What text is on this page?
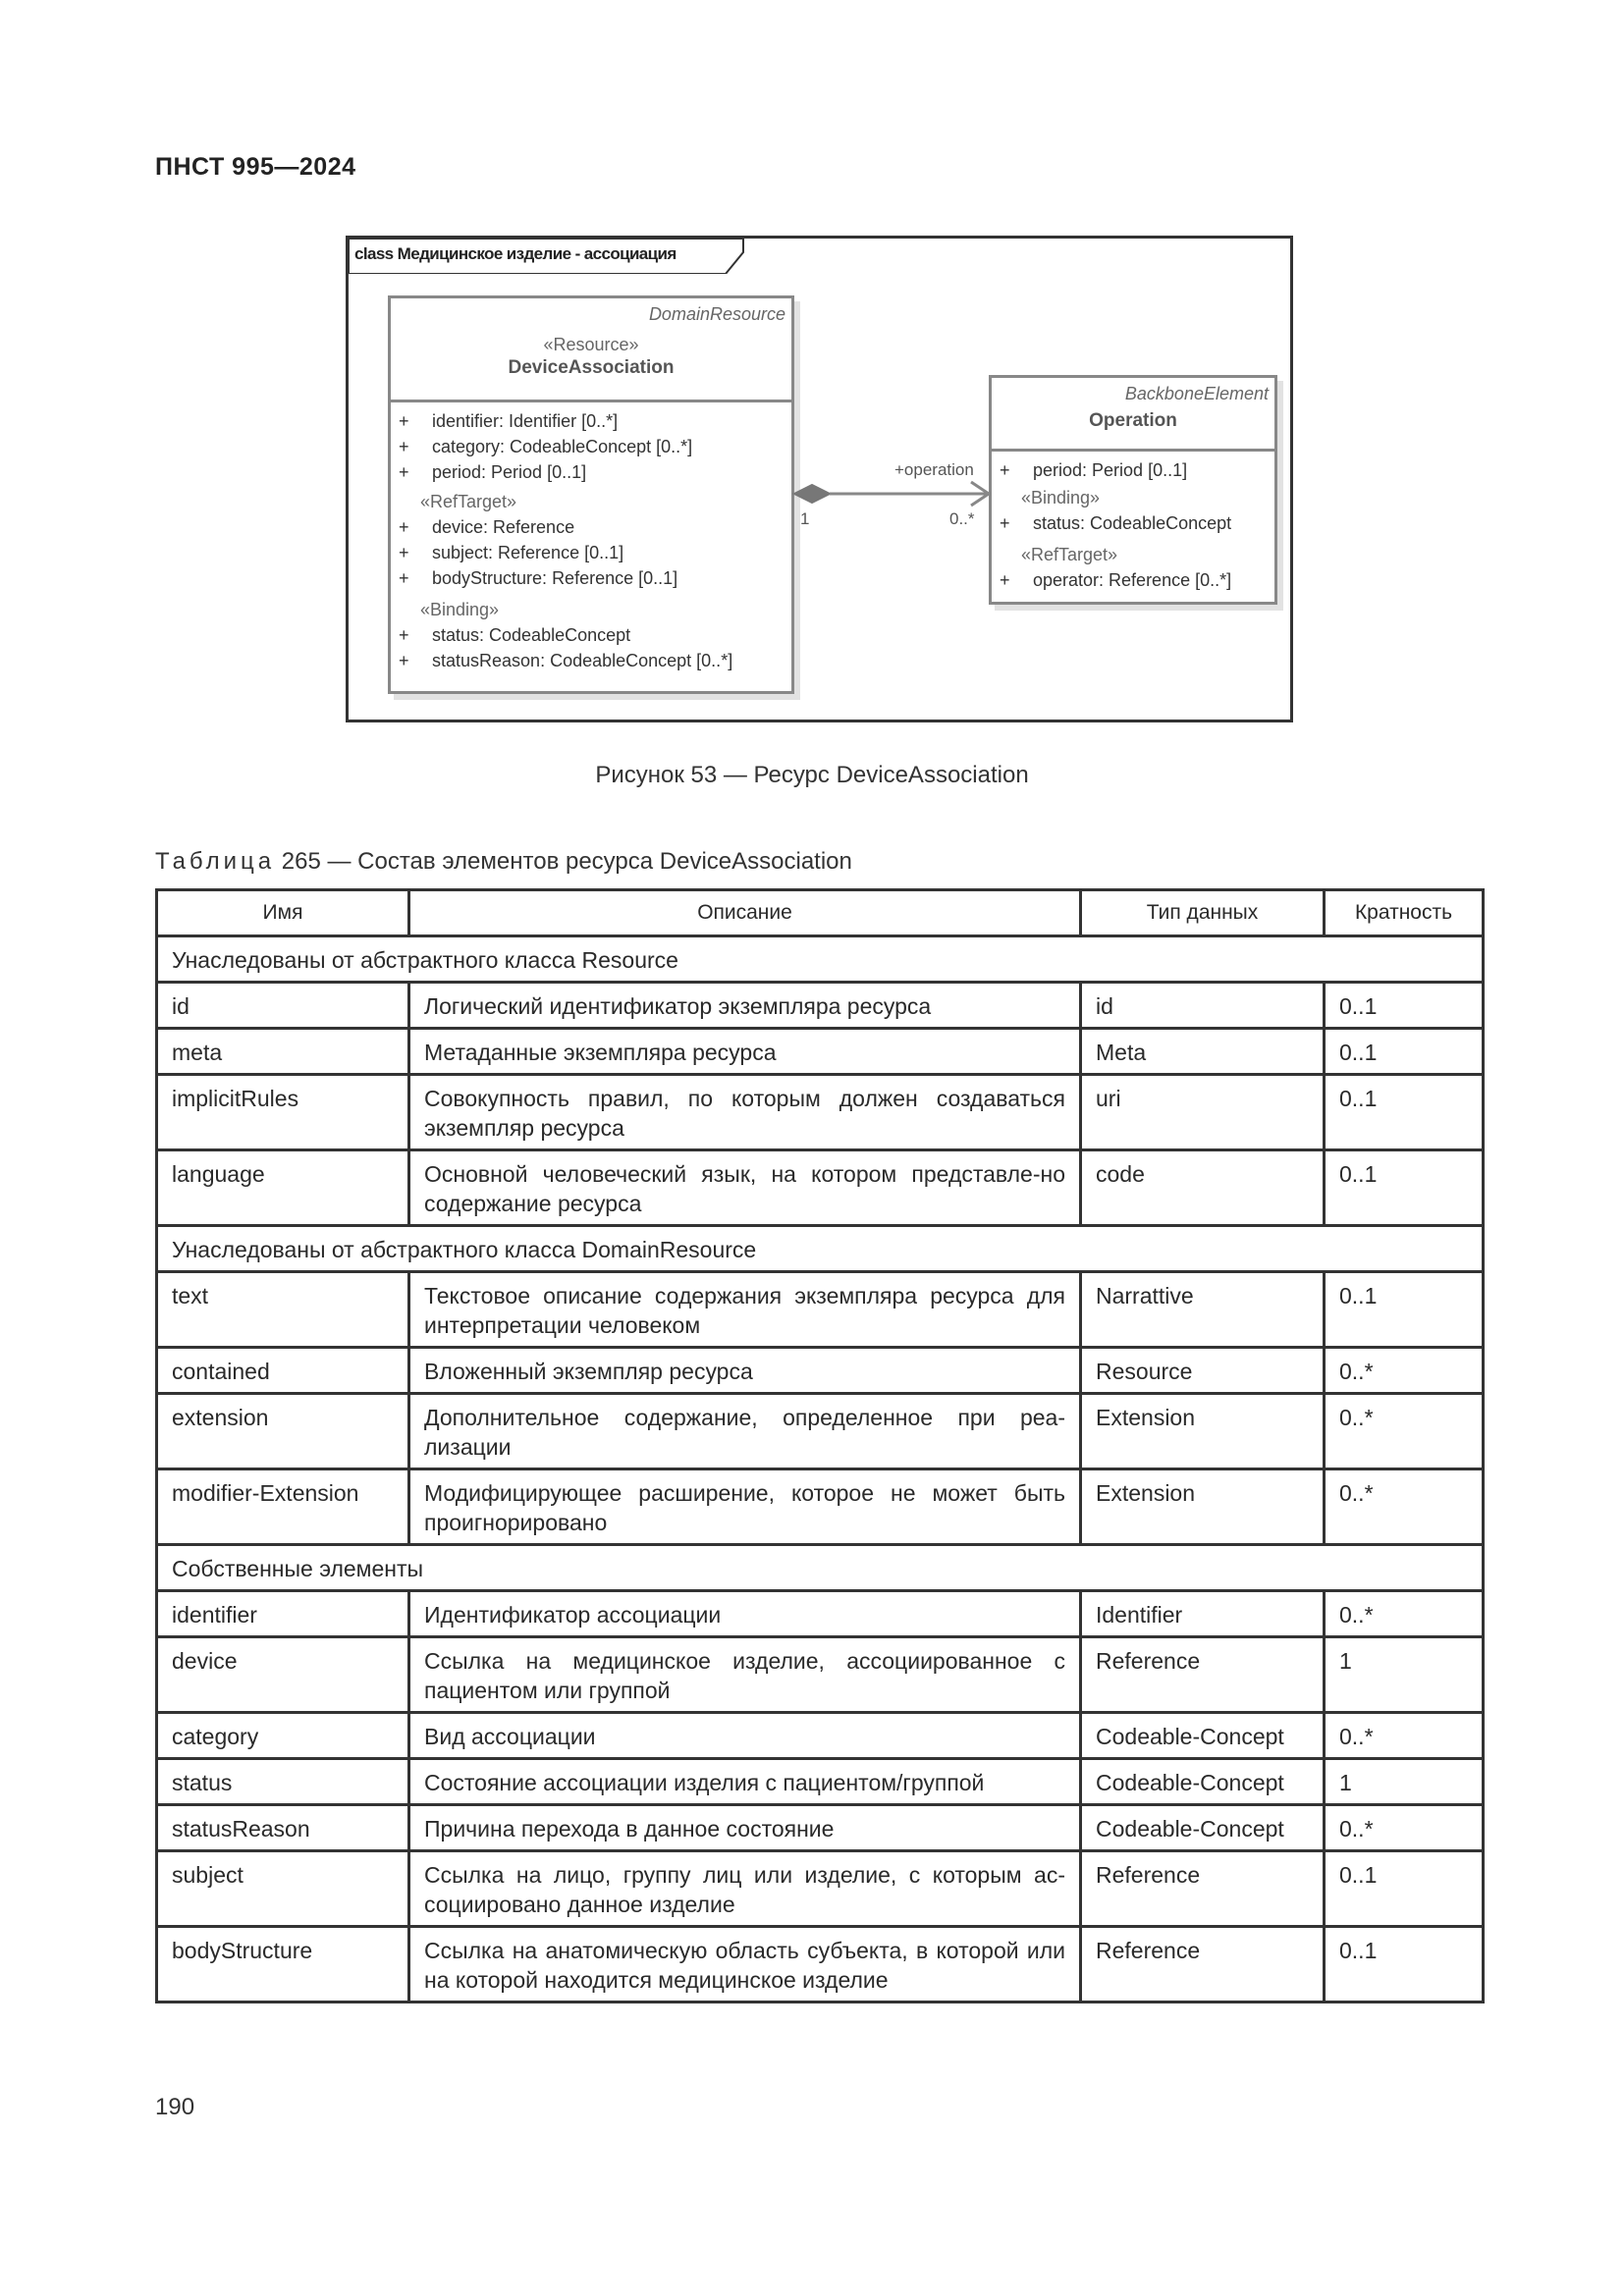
ПНСТ 995—2024
class Медицинское изделие - ассоциация
DomainResource
«Resource»
DeviceAssociation
+ identifier: Identifier [0..*]
+ category: CodeableConcept [0..*]
+ period: Period [0..1]
«RefTarget»
+ device: Reference
+ subject: Reference [0..1]
+ bodyStructure: Reference [0..1]
«Binding»
+ status: CodeableConcept
+ statusReason: CodeableConcept [0..*]
BackboneElement
Operation
+ period: Period [0..1]
«Binding»
+ status: CodeableConcept
«RefTarget»
+ operator: Reference [0..*]
+operation
1	0..*
Рисунок 53 — Ресурс DeviceAssociation
Таблица 265 — Состав элементов ресурса DeviceAssociation
Имя	Описание	Тип данных	Кратность
Унаследованы от абстрактного класса Resource			
id	Логический идентификатор экземпляра ресурса	id	0..1
meta	Метаданные экземпляра ресурса	Meta	0..1
implicitRules	Совокупность правил, по которым должен создаваться экземпляр ресурса	uri	0..1
language	Основной человеческий язык, на котором представле-но содержание ресурса	code	0..1
Унаследованы от абстрактного класса DomainResource			
text	Текстовое описание содержания экземпляра ресурса для интерпретации человеком	Narrattive	0..1
contained	Вложенный экземпляр ресурса	Resource	0..*
extension	Дополнительное содержание, определенное при реа-лизации	Extension	0..*
modifier-Extension	Модифицирующее расширение, которое не может быть проигнорировано	Extension	0..*
Собственные элементы			
identifier	Идентификатор ассоциации	Identifier	0..*
device	Ссылка на медицинское изделие, ассоциированное с пациентом или группой	Reference	1
category	Вид ассоциации	Codeable-Concept	0..*
status	Состояние ассоциации изделия с пациентом/группой	Codeable-Concept	1
statusReason	Причина перехода в данное состояние	Codeable-Concept	0..*
subject	Ссылка на лицо, группу лиц или изделие, с которым ас-социировано данное изделие	Reference	0..1
bodyStructure	Ссылка на анатомическую область субъекта, в которой или на которой находится медицинское изделие	Reference	0..1
190
